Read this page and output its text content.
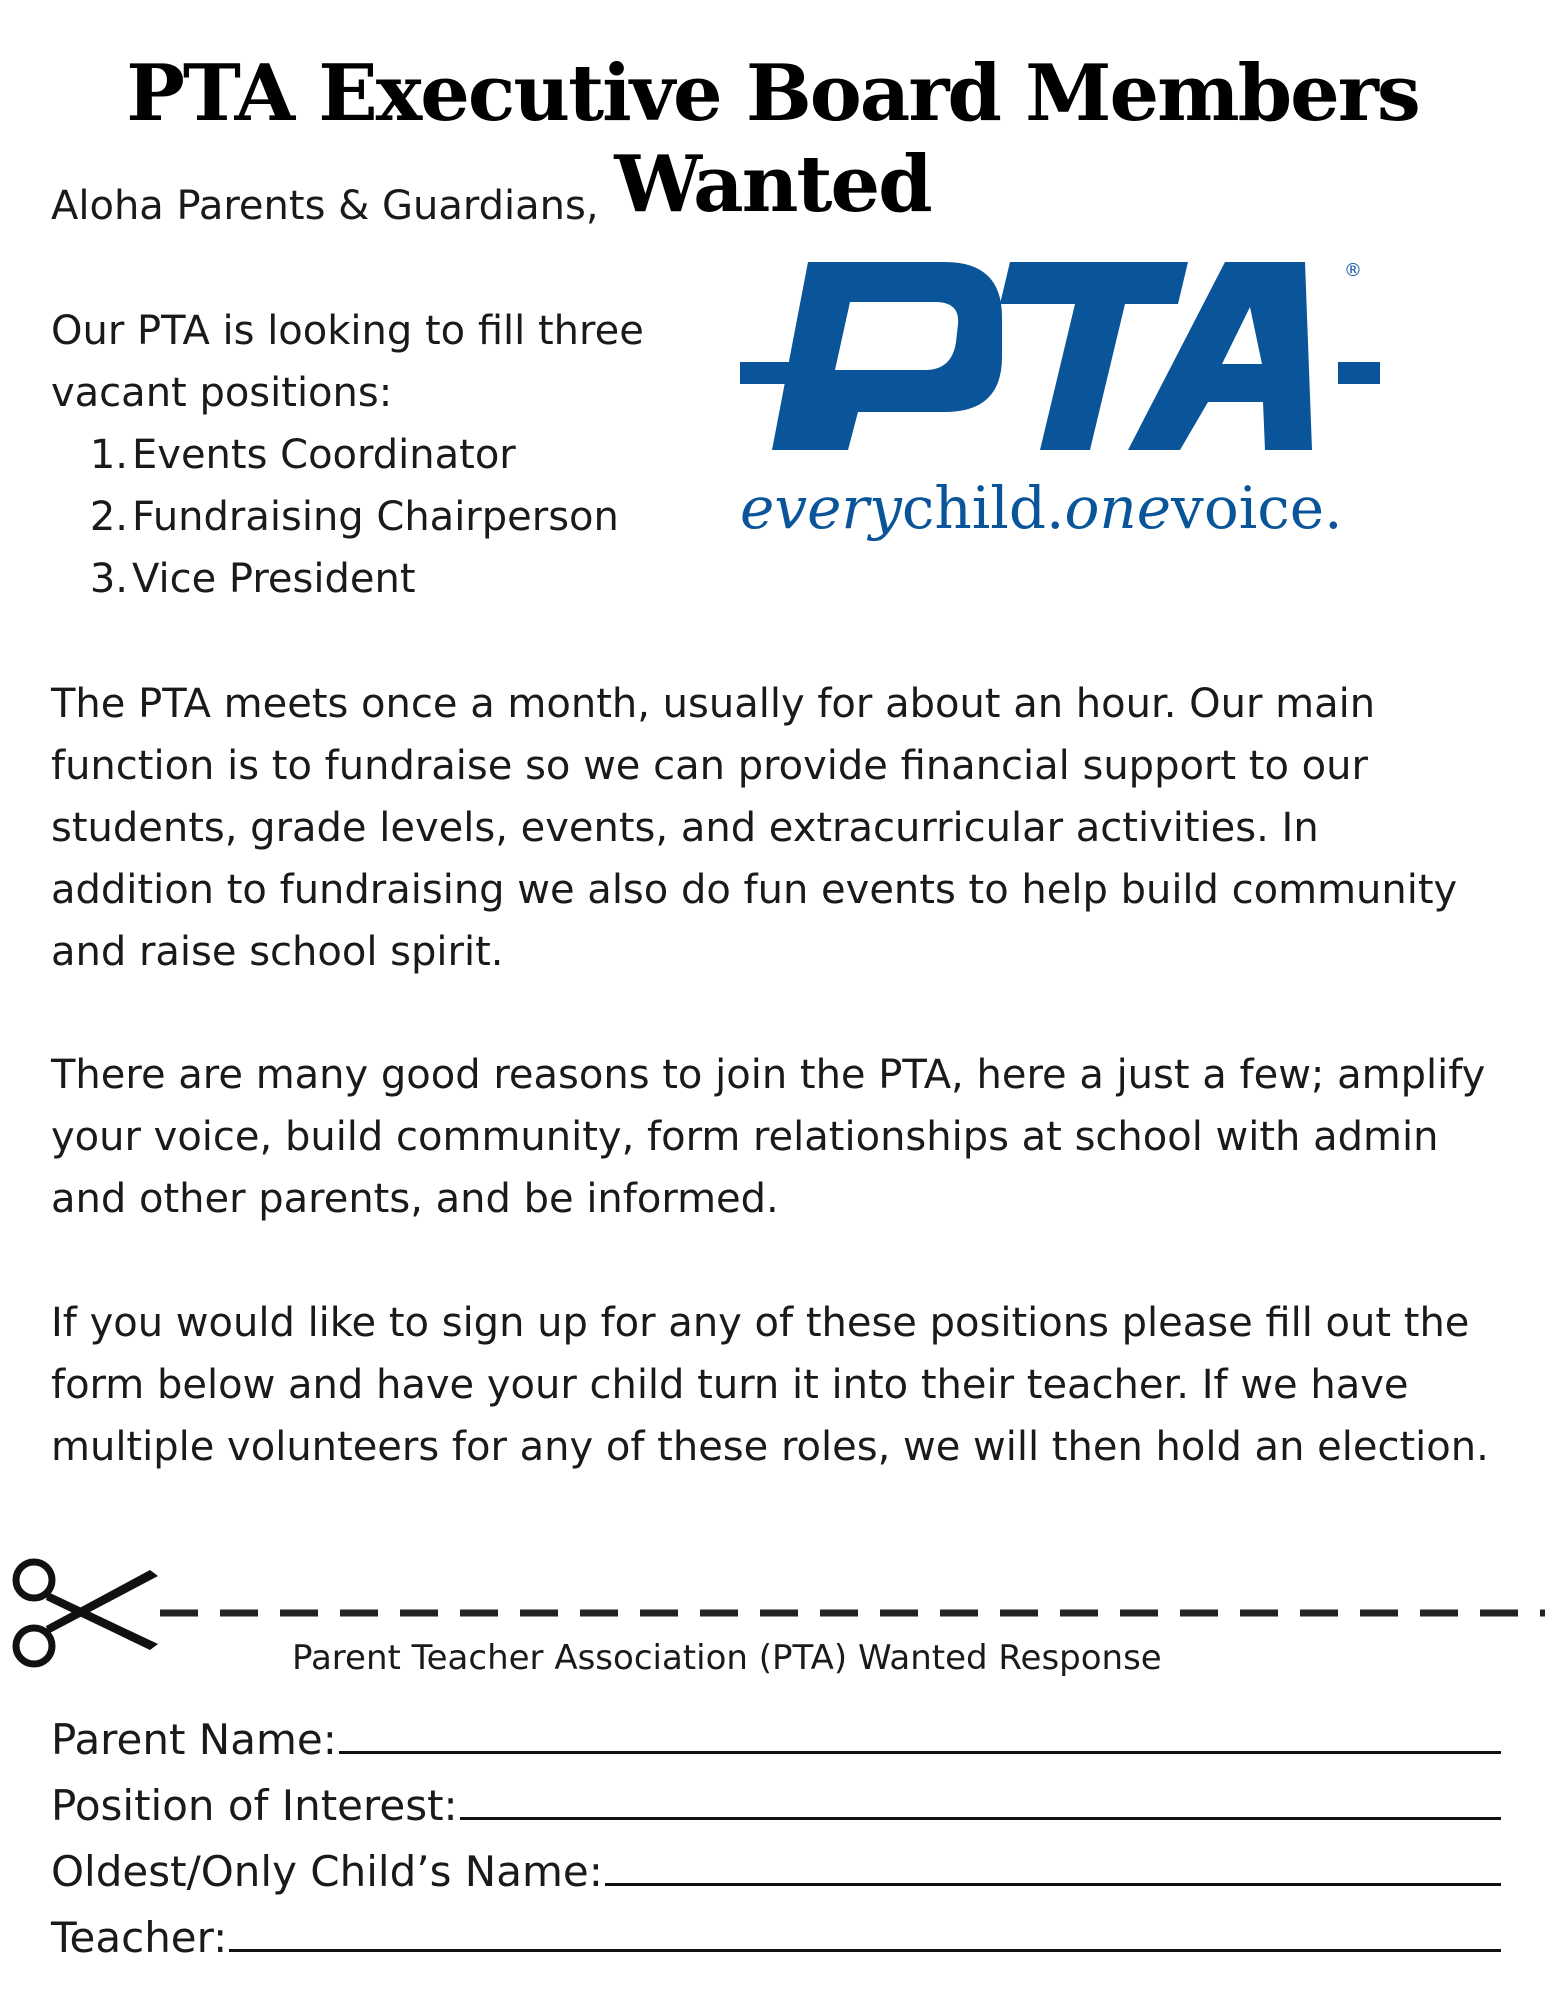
PTA Executive Board Members Wanted

Aloha Parents & Guardians,

Our PTA is looking to fill three vacant positions:

1. Events Coordinator
2. Fundraising Chairperson
3. Vice President
®
everychild.onevoice.

The PTA meets once a month, usually for about an hour. Our main function is to fundraise so we can provide financial support to our students, grade levels, events, and extracurricular activities. In addition to fundraising we also do fun events to help build community and raise school spirit.

There are many good reasons to join the PTA, here a just a few; amplify your voice, build community, form relationships at school with admin and other parents, and be informed.

If you would like to sign up for any of these positions please fill out the form below and have your child turn it into their teacher. If we have multiple volunteers for any of these roles, we will then hold an election.

Parent Teacher Association (PTA) Wanted Response

Parent Name:
Position of Interest:
Oldest/Only Child’s Name:
Teacher:
